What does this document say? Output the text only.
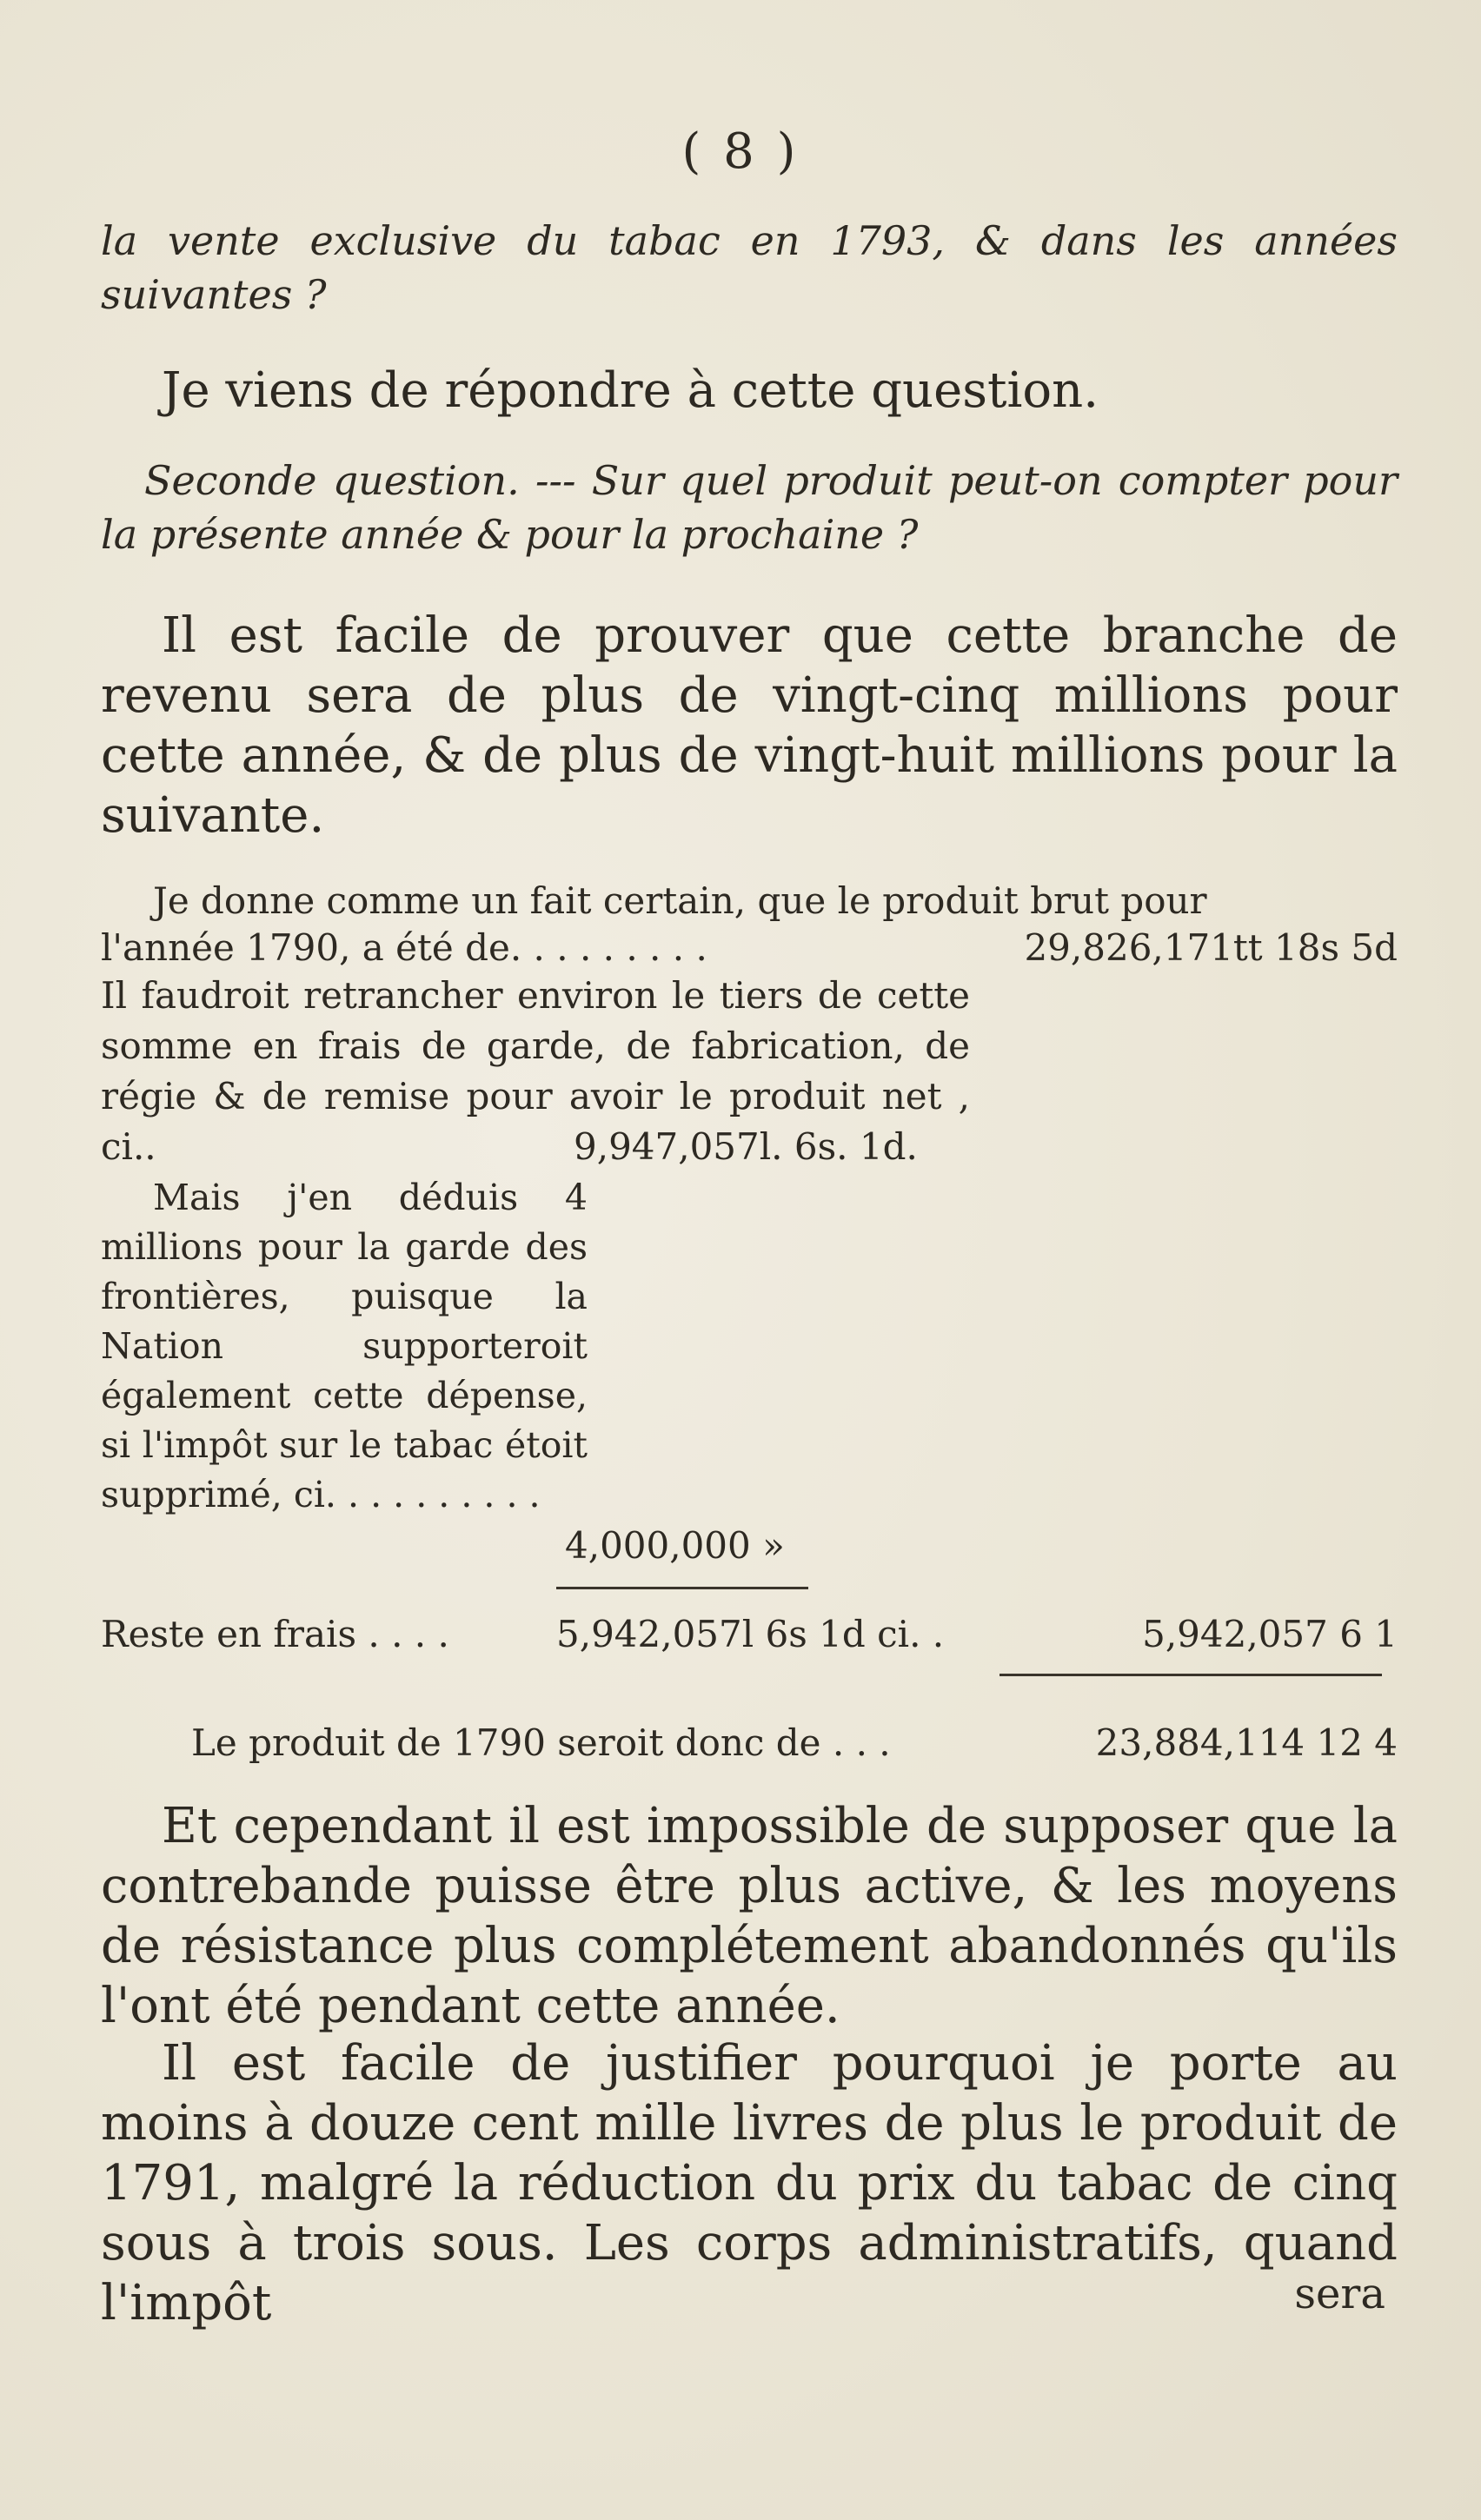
( 8 )
la vente exclusive du tabac en 1793, & dans les années suivantes ?
Je viens de répondre à cette question.
Seconde question. --- Sur quel produit peut-on compter pour la présente année & pour la prochaine ?
Il est facile de prouver que cette branche de revenu sera de plus de vingt-cinq millions pour cette année, & de plus de vingt-huit millions pour la suivante.
Je donne comme un fait certain, que le produit brut pour
l'année 1790, a été de. . . . . . . . .	29,826,171tt 18s 5d
Il faudroit retrancher environ le tiers de cette somme en frais de garde, de fabrication, de régie & de remise pour avoir le produit net , ci..	9,947,057l. 6s. 1d.
Mais j'en déduis 4 millions pour la garde des frontières, puisque la Nation supporteroit également cette dépense, si l'impôt sur le tabac étoit supprimé, ci. . . . . . . . . .
4,000,000 »
Reste en frais . . . .	5,942,057l 6s 1d ci. .	5,942,057 6 1
Le produit de 1790 seroit donc de . . .	23,884,114 12 4
Et cependant il est impossible de supposer que la contrebande puisse être plus active, & les moyens de résistance plus complétement abandonnés qu'ils l'ont été pendant cette année.
Il est facile de justifier pourquoi je porte au moins à douze cent mille livres de plus le produit de 1791, malgré la réduction du prix du tabac de cinq sous à trois sous. Les corps administratifs, quand l'impôt	sera
